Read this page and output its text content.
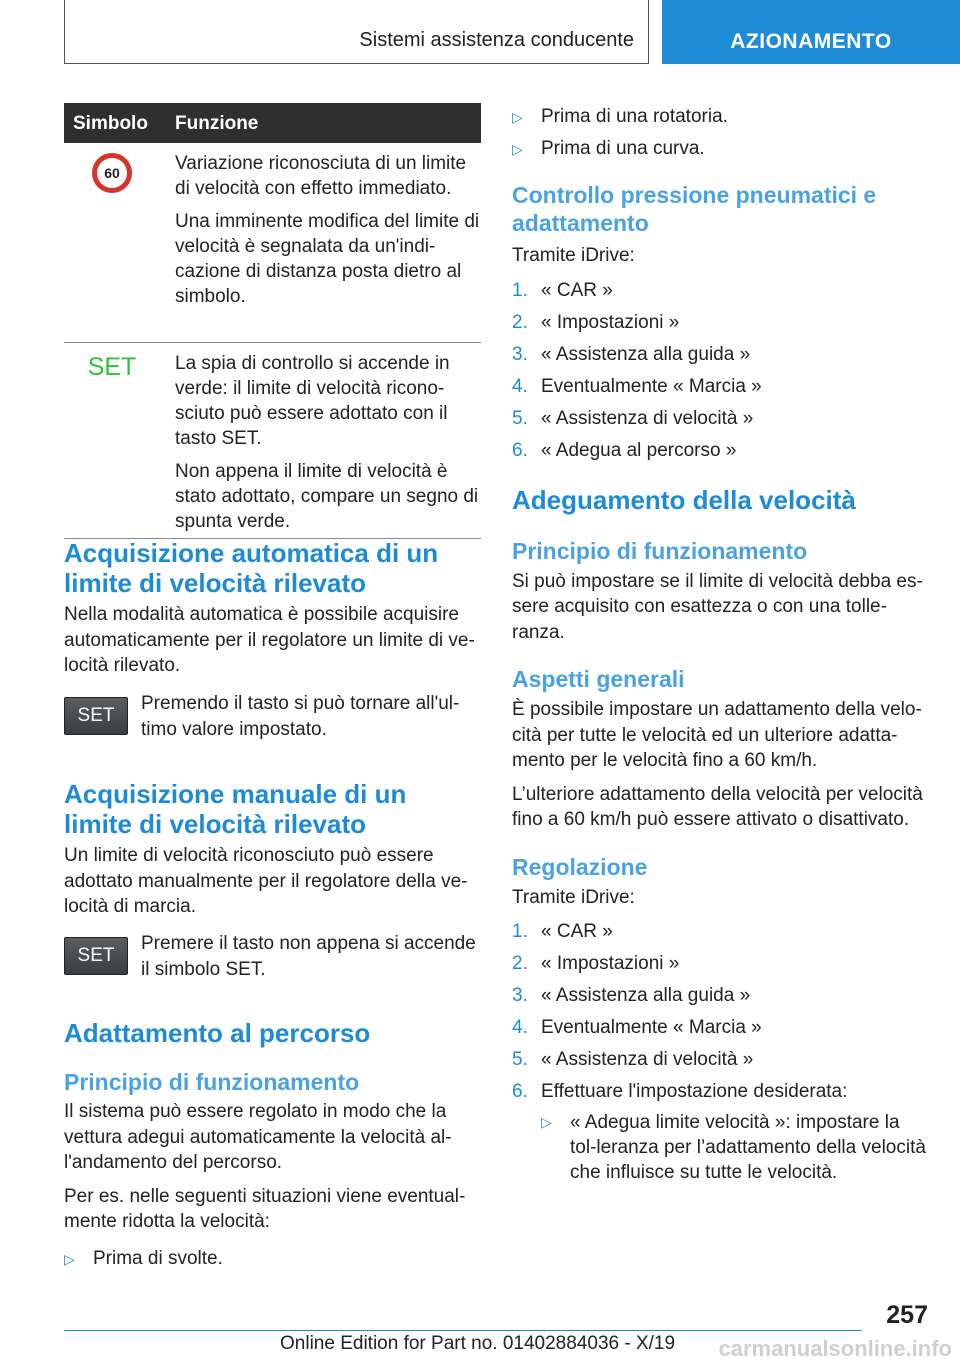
Sistemi assistenza conducente	AZIONAMENTO
Simbolo Funzione
60	Variazione riconosciuta di un limite di velocità con effetto immediato.

Una imminente modifica del limite di velocità è segnalata da un'indi-cazione di distanza posta dietro al simbolo.

SET La spia di controllo si accende in verde: il limite di velocità ricono-sciuto può essere adottato con il tasto SET.

Non appena il limite di velocità è stato adottato, compare un segno di spunta verde.

Acquisizione automatica di un limite di velocità rilevato

Nella modalità automatica è possibile acquisire automaticamente per il regolatore un limite di ve-locità rilevato.

SET

Premendo il tasto si può tornare all'ul-timo valore impostato.

Acquisizione manuale di un limite di velocità rilevato

Un limite di velocità riconosciuto può essere adottato manualmente per il regolatore della ve-locità di marcia.

SET

Premere il tasto non appena si accende il simbolo SET.

Adattamento al percorso
Principio di funzionamento

Il sistema può essere regolato in modo che la vettura adegui automaticamente la velocità al-l'andamento del percorso.

Per es. nelle seguenti situazioni viene eventual-mente ridotta la velocità:

▷ Prima di svolte.
▷ Prima di una rotatoria.
▷ Prima di una curva.
Controllo pressione pneumatici e adattamento

Tramite iDrive:

1. « CAR »
2. « Impostazioni »
3. « Assistenza alla guida »
4. Eventualmente « Marcia »
5. « Assistenza di velocità »
6. « Adegua al percorso »
Adeguamento della velocità
Principio di funzionamento

Si può impostare se il limite di velocità debba es-sere acquisito con esattezza o con una tolle-ranza.

Aspetti generali

È possibile impostare un adattamento della velo-cità per tutte le velocità ed un ulteriore adatta-mento per le velocità fino a 60 km/h.

L’ulteriore adattamento della velocità per velocità fino a 60 km/h può essere attivato o disattivato.

Regolazione

Tramite iDrive:

1. « CAR »
2. « Impostazioni »
3. « Assistenza alla guida »
4. Eventualmente « Marcia »
5. « Assistenza di velocità »
6. Effettuare l'impostazione desiderata:
▷ « Adegua limite velocità »: impostare la tol-leranza per l’adattamento della velocità che influisce su tutte le velocità.
257
Online Edition for Part no. 01402884036 - X/19 carmanualsonline.info
